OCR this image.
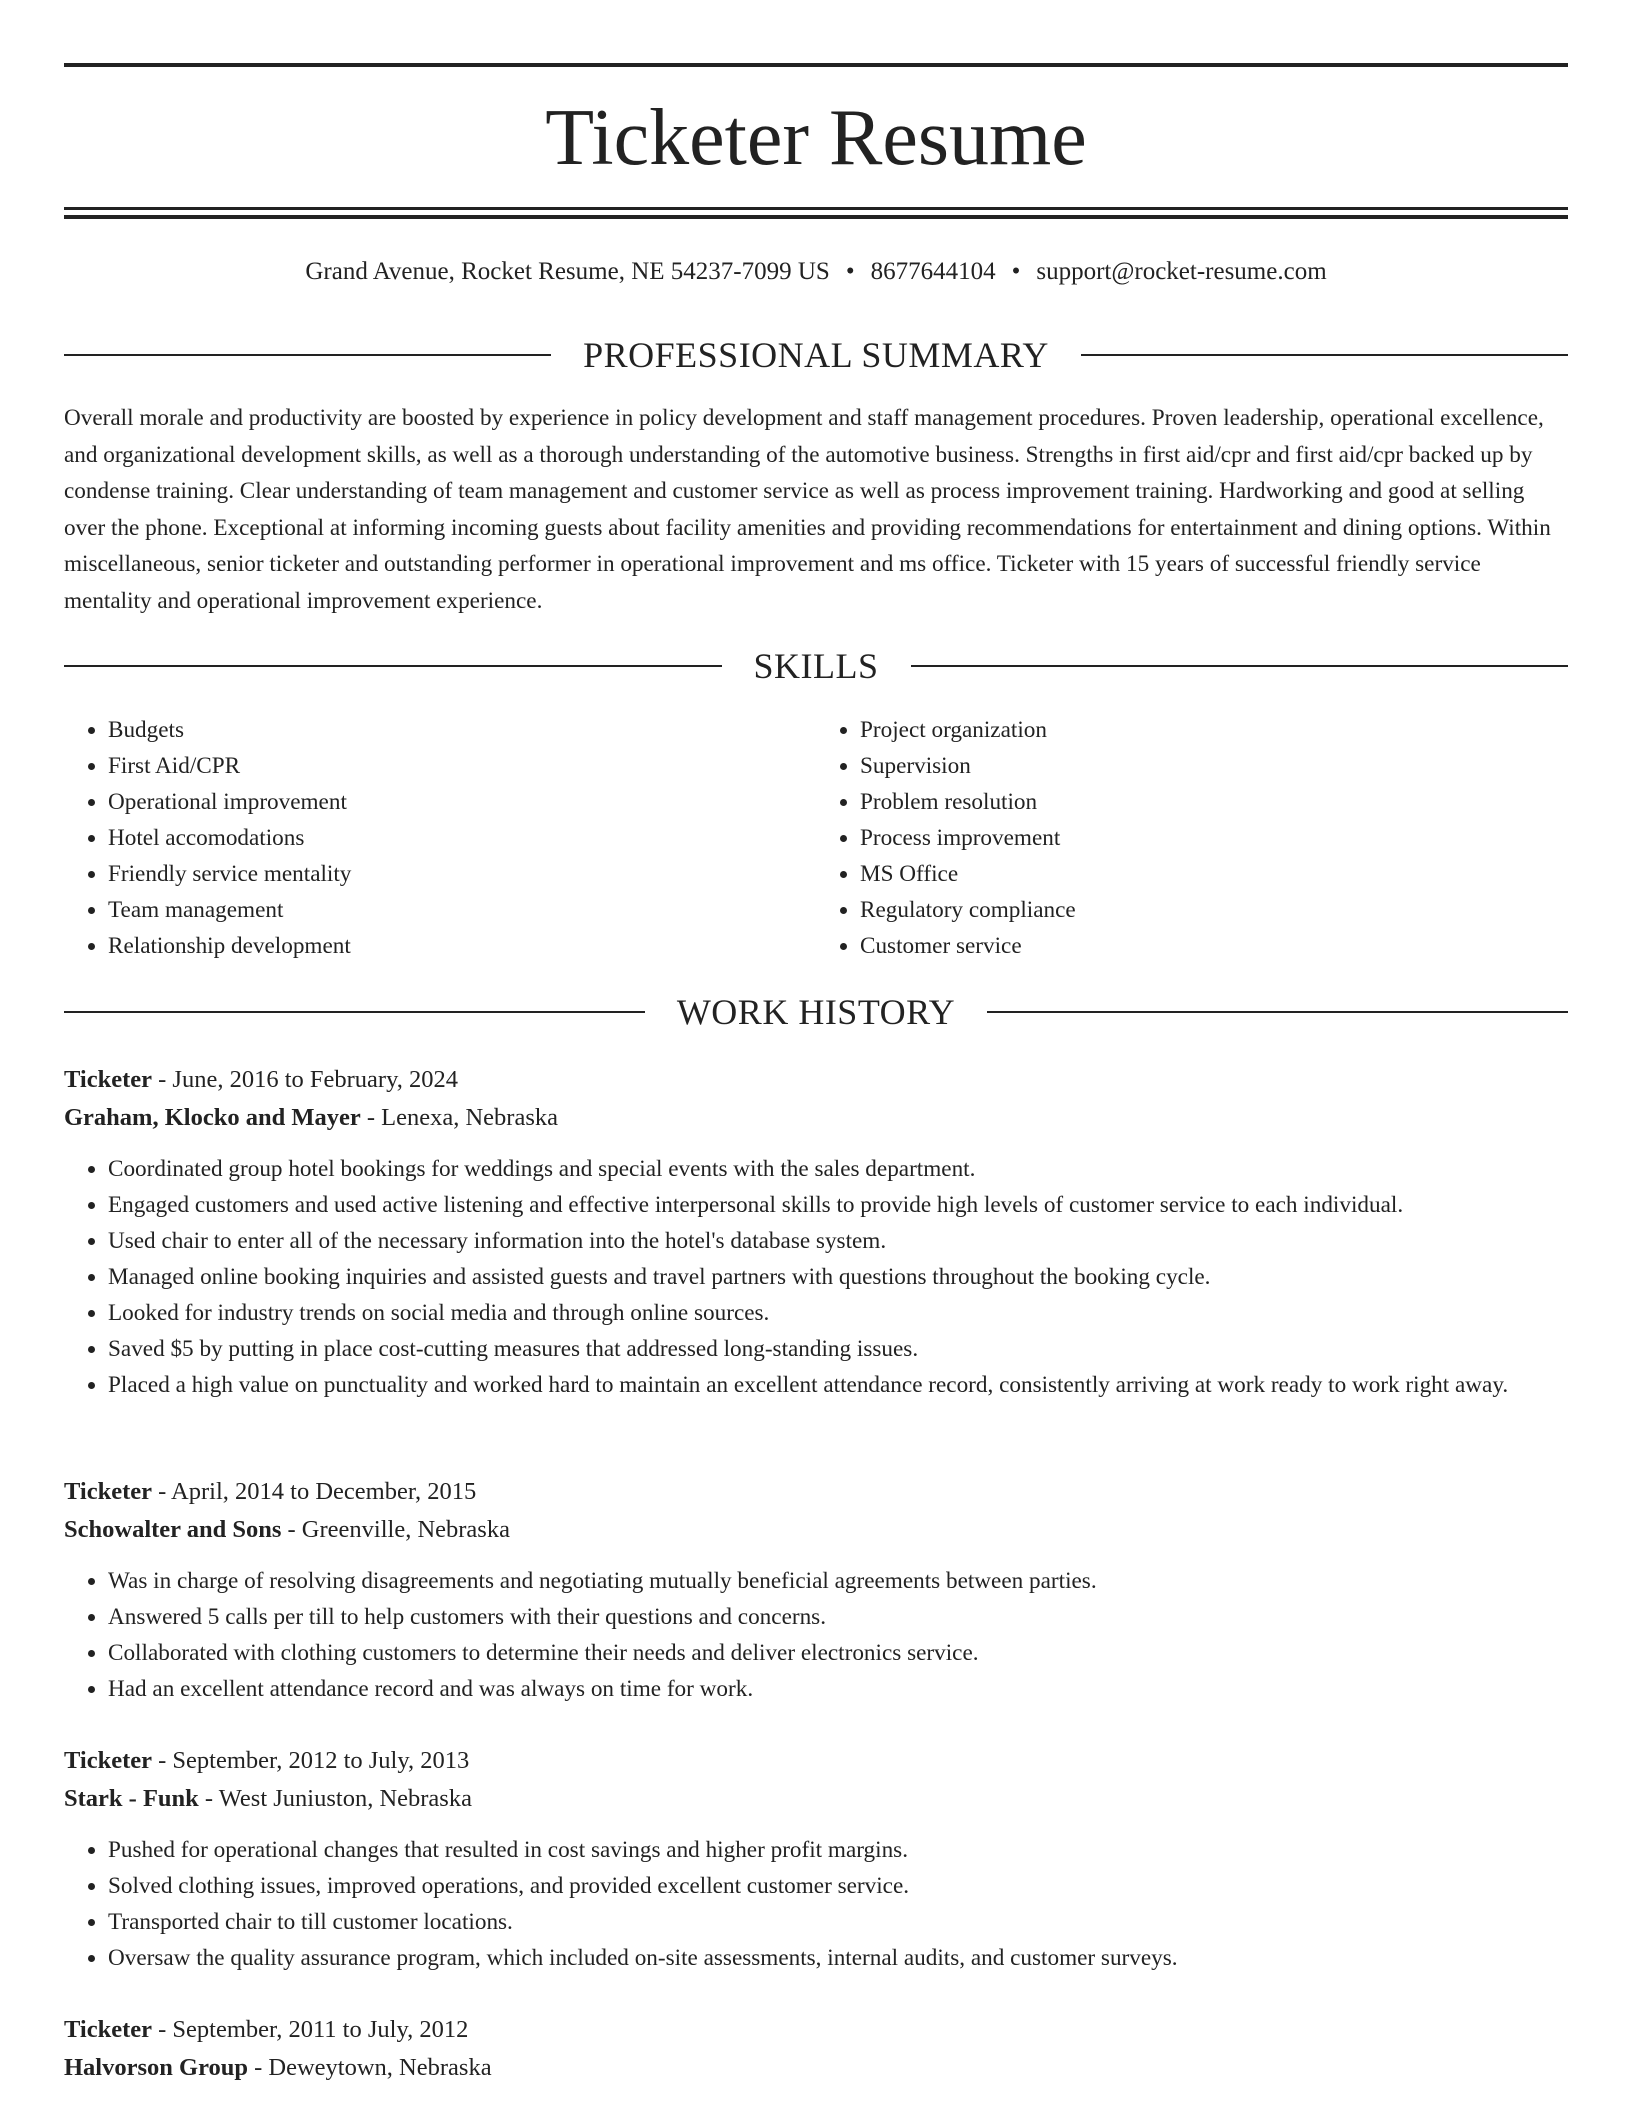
Ticketer Resume
Grand Avenue, Rocket Resume, NE 54237-7099 US • 8677644104 • support@rocket-resume.com
PROFESSIONAL SUMMARY

Overall morale and productivity are boosted by experience in policy development and staff management procedures. Proven leadership, operational excellence, and organizational development skills, as well as a thorough understanding of the automotive business. Strengths in first aid/cpr and first aid/cpr backed up by condense training. Clear understanding of team management and customer service as well as process improvement training. Hardworking and good at selling over the phone. Exceptional at informing incoming guests about facility amenities and providing recommendations for entertainment and dining options. Within miscellaneous, senior ticketer and outstanding performer in operational improvement and ms office. Ticketer with 15 years of successful friendly service mentality and operational improvement experience.

SKILLS
• Budgets
• First Aid/CPR
• Operational improvement
• Hotel accomodations
• Friendly service mentality
• Team management
• Relationship development
• Project organization
• Supervision
• Problem resolution
• Process improvement
• MS Office
• Regulatory compliance
• Customer service
WORK HISTORY
Ticketer - June, 2016 to February, 2024
Graham, Klocko and Mayer - Lenexa, Nebraska
• Coordinated group hotel bookings for weddings and special events with the sales department.
• Engaged customers and used active listening and effective interpersonal skills to provide high levels of customer service to each individual.
• Used chair to enter all of the necessary information into the hotel's database system.
• Managed online booking inquiries and assisted guests and travel partners with questions throughout the booking cycle.
• Looked for industry trends on social media and through online sources.
• Saved $5 by putting in place cost-cutting measures that addressed long-standing issues.
• Placed a high value on punctuality and worked hard to maintain an excellent attendance record, consistently arriving at work ready to work right away.
Ticketer - April, 2014 to December, 2015
Schowalter and Sons - Greenville, Nebraska
• Was in charge of resolving disagreements and negotiating mutually beneficial agreements between parties.
• Answered 5 calls per till to help customers with their questions and concerns.
• Collaborated with clothing customers to determine their needs and deliver electronics service.
• Had an excellent attendance record and was always on time for work.
Ticketer - September, 2012 to July, 2013
Stark - Funk - West Juniuston, Nebraska
• Pushed for operational changes that resulted in cost savings and higher profit margins.
• Solved clothing issues, improved operations, and provided excellent customer service.
• Transported chair to till customer locations.
• Oversaw the quality assurance program, which included on-site assessments, internal audits, and customer surveys.
Ticketer - September, 2011 to July, 2012
Halvorson Group - Deweytown, Nebraska
